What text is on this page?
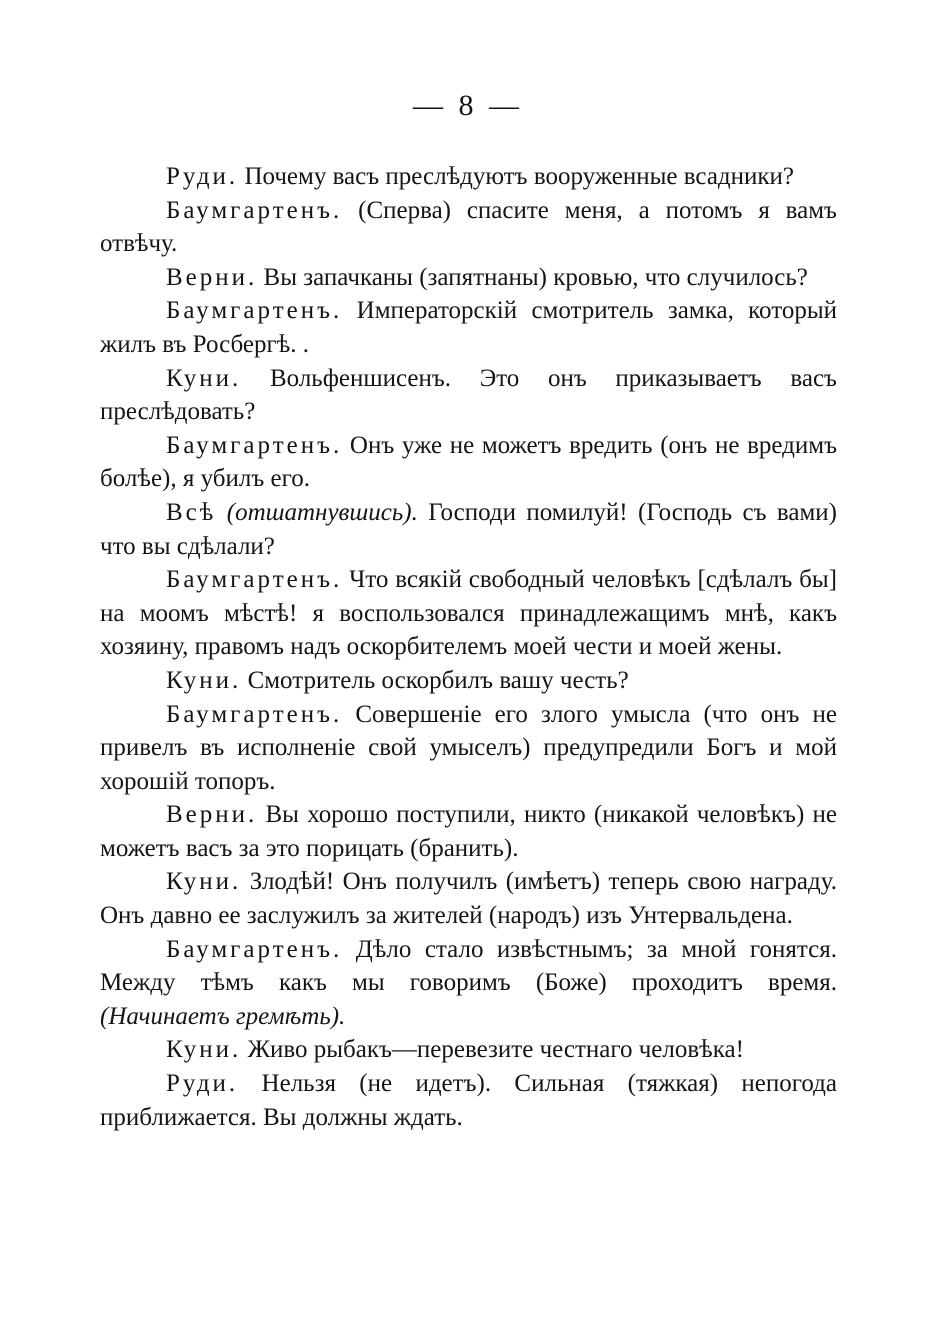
— 8 —

Руди. Почему васъ преслѣдуютъ вооруженные всадники?

Баумгартенъ. (Сперва) спасите меня, а потомъ я вамъ отвѣчу.

Верни. Вы запачканы (запятнаны) кровью, что случилось?

Баумгартенъ. Императорскій смотритель замка, который жилъ въ Росбергѣ. .

Куни. Вольфеншисенъ. Это онъ приказываетъ васъ преслѣдовать?

Баумгартенъ. Онъ уже не можетъ вредить (онъ не вредимъ болѣе), я убилъ его.

Всѣ (отшатнувшись). Господи помилуй! (Господь съ вами) что вы сдѣлали?

Баумгартенъ. Что всякій свободный человѣкъ [сдѣлалъ бы] на моомъ мѣстѣ! я воспользовался принадлежащимъ мнѣ, какъ хозяину, правомъ надъ оскорбителемъ моей чести и моей жены.

Куни. Смотритель оскорбилъ вашу честь?

Баумгартенъ. Совершеніе его злого умысла (что онъ не привелъ въ исполненіе свой умыселъ) предупредили Богъ и мой хорошій топоръ.

Верни. Вы хорошо поступили, никто (никакой человѣкъ) не можетъ васъ за это порицать (бранить).

Куни. Злодѣй! Онъ получилъ (имѣетъ) теперь свою награду. Онъ давно ее заслужилъ за жителей (народъ) изъ Унтервальдена.

Баумгартенъ. Дѣло стало извѣстнымъ; за мной гонятся. Между тѣмъ какъ мы говоримъ (Боже) проходитъ время. (Начинаетъ гремѣть).

Куни. Живо рыбакъ—перевезите честнаго человѣка!

Руди. Нельзя (не идетъ). Сильная (тяжкая) непогода приближается. Вы должны ждать.
